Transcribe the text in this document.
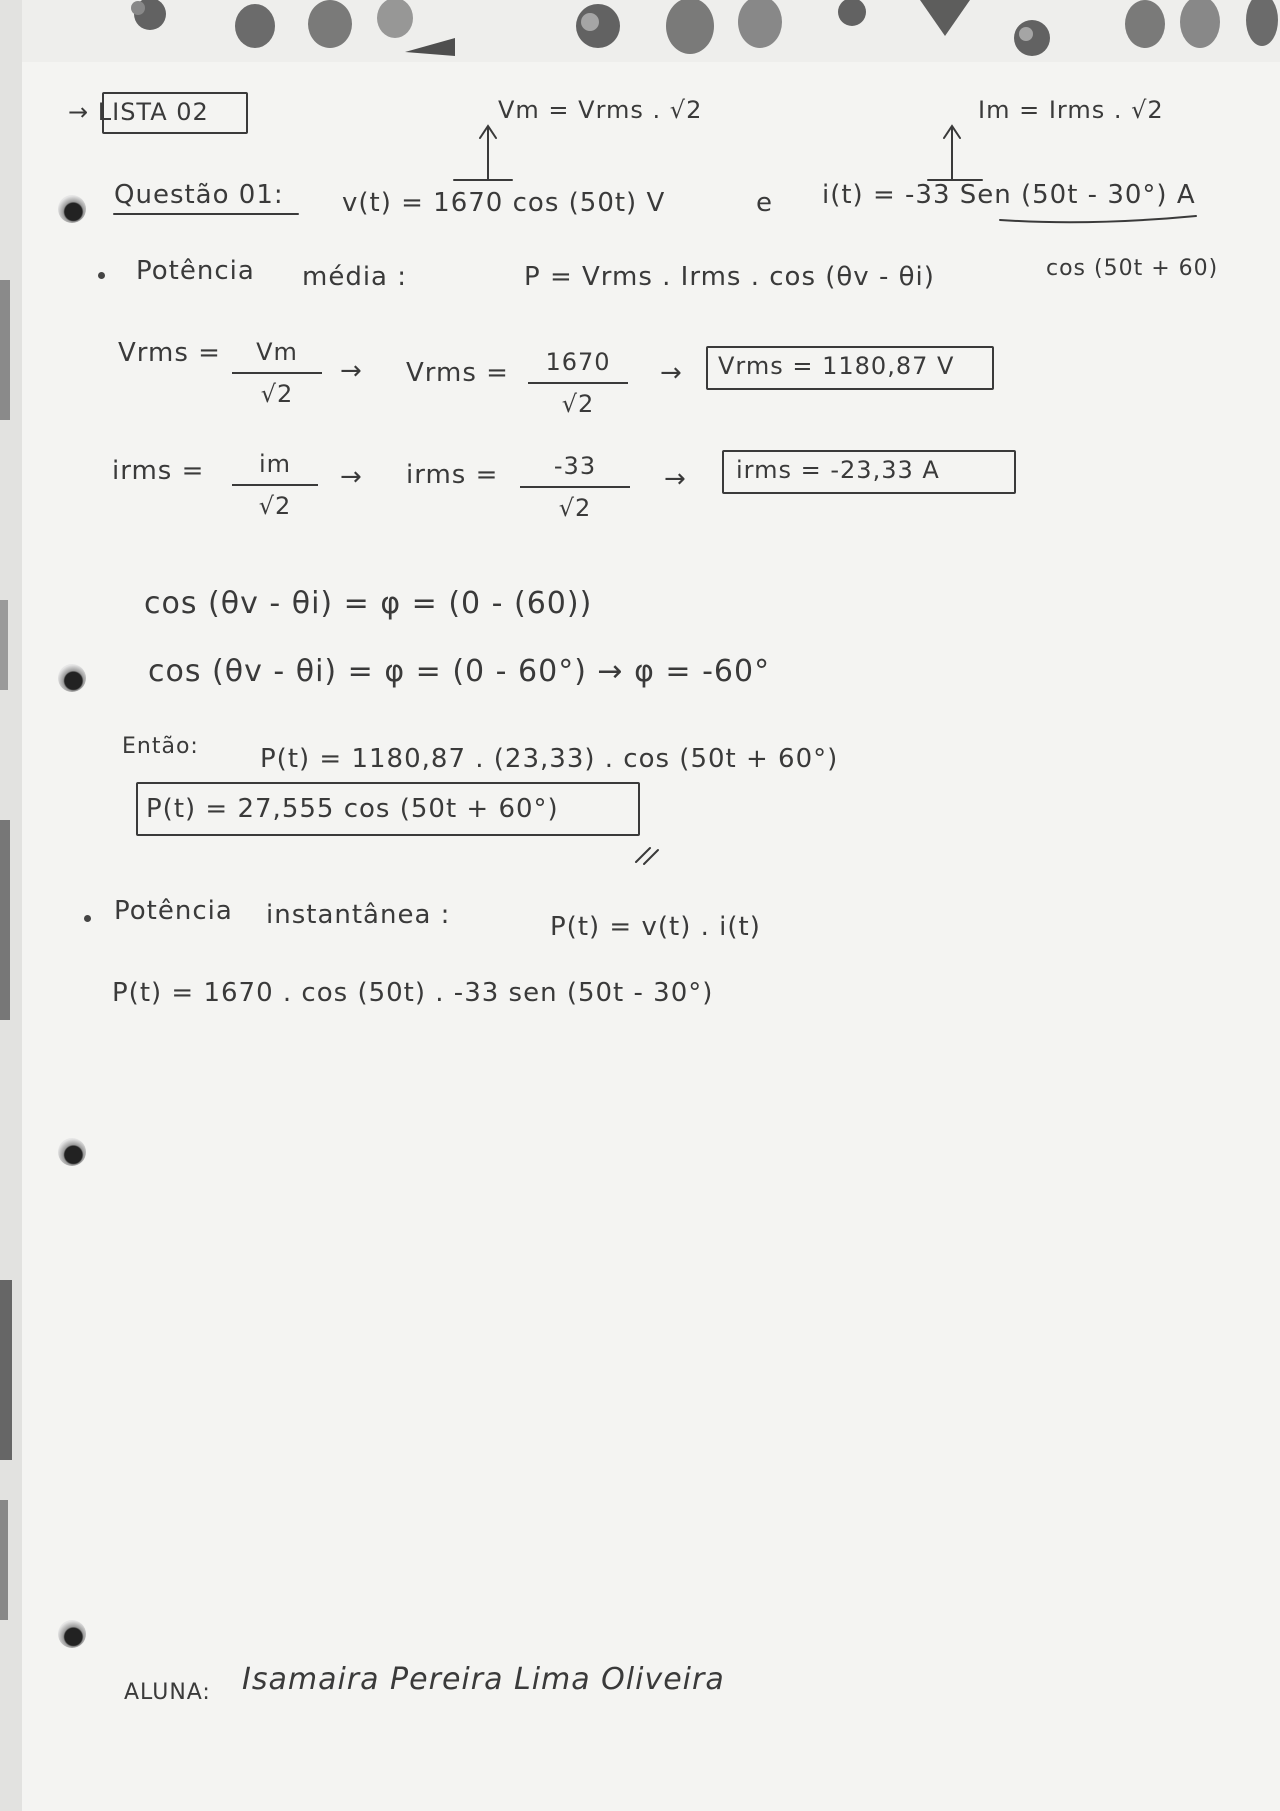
→ LISTA 02	Vm = Vrms . √2	Im = Irms . √2
Questão 01: v(t) = 1670 cos (50t) V	e i(t) = -33 Sen (50t - 30°) A
cos (50t + 60)
Potência média :	P = Vrms . Irms . cos (θv - θi)
Vrms =	Vm
√2
→ Vrms =	1670
√2
→ Vrms = 1180,87 V
irms =	im
√2
→ irms =	-33
√2
→ irms = -23,33 A
cos (θv - θi) = φ = (0 - (60))
cos (θv - θi) = φ = (0 - 60°) → φ = -60°
Então: P(t) = 1180,87 . (23,33) . cos (50t + 60°)
P(t) = 27,555 cos (50t + 60°)
Potência instantânea :	P(t) = v(t) . i(t)
P(t) = 1670 . cos (50t) . -33 sen (50t - 30°)
ALUNA: Isamaira Pereira Lima Oliveira
